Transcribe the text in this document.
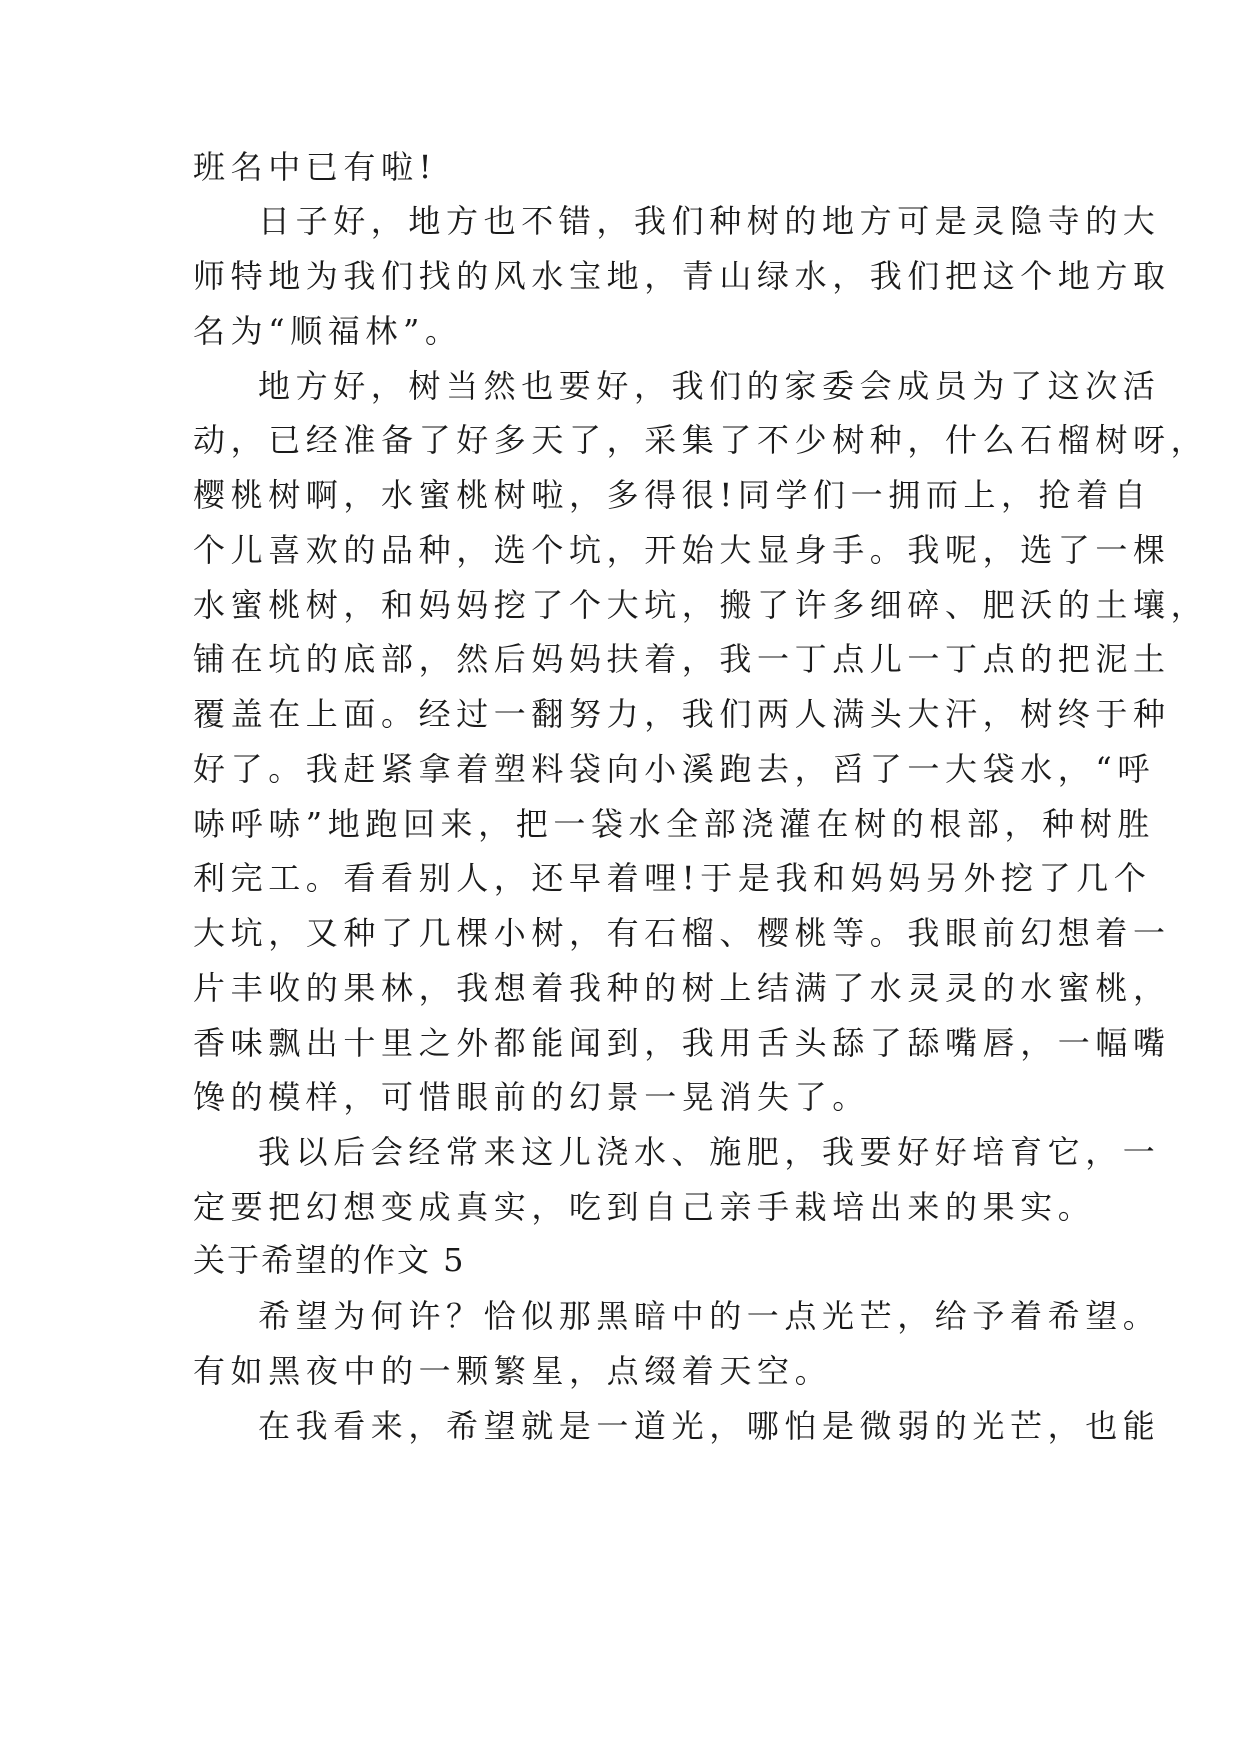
班名中已有啦!
日子好，地方也不错，我们种树的地方可是灵隐寺的大
师特地为我们找的风水宝地，青山绿水，我们把这个地方取
名为“顺福林”。
地方好，树当然也要好，我们的家委会成员为了这次活
动，已经准备了好多天了，采集了不少树种，什么石榴树呀，
樱桃树啊，水蜜桃树啦，多得很!同学们一拥而上，抢着自
个儿喜欢的品种，选个坑，开始大显身手。我呢，选了一棵
水蜜桃树，和妈妈挖了个大坑，搬了许多细碎、肥沃的土壤，
铺在坑的底部，然后妈妈扶着，我一丁点儿一丁点的把泥土
覆盖在上面。经过一翻努力，我们两人满头大汗，树终于种
好了。我赶紧拿着塑料袋向小溪跑去，舀了一大袋水，“呼
哧呼哧”地跑回来，把一袋水全部浇灌在树的根部，种树胜
利完工。看看别人，还早着哩!于是我和妈妈另外挖了几个
大坑，又种了几棵小树，有石榴、樱桃等。我眼前幻想着一
片丰收的果林，我想着我种的树上结满了水灵灵的水蜜桃，
香味飘出十里之外都能闻到，我用舌头舔了舔嘴唇，一幅嘴
馋的模样，可惜眼前的幻景一晃消失了。
我以后会经常来这儿浇水、施肥，我要好好培育它，一
定要把幻想变成真实，吃到自己亲手栽培出来的果实。
关于希望的作文 5
希望为何许？恰似那黑暗中的一点光芒，给予着希望。
有如黑夜中的一颗繁星，点缀着天空。
在我看来，希望就是一道光，哪怕是微弱的光芒，也能
